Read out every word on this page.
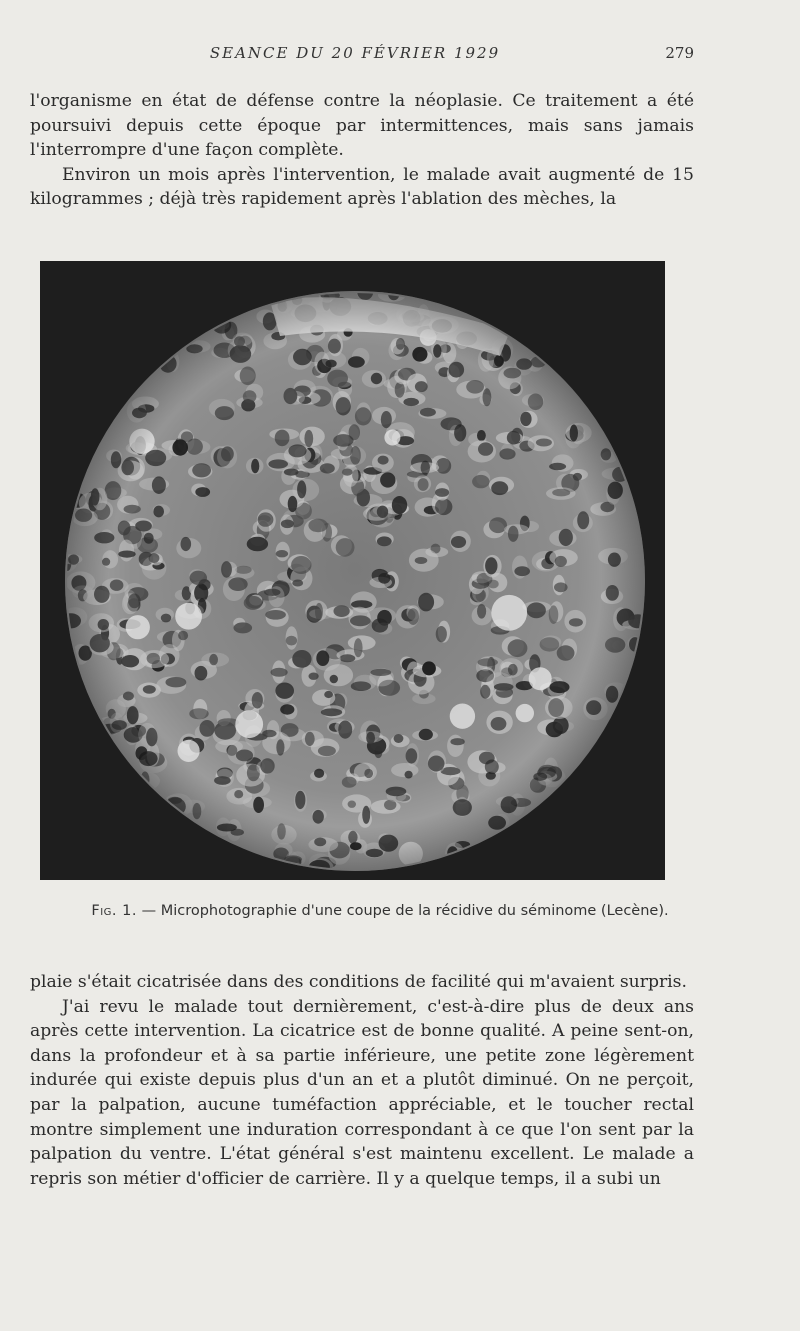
SEANCE DU 20 FÉVRIER 1929	279

l'organisme en état de défense contre la néoplasie. Ce traitement a été poursuivi depuis cette époque par intermittences, mais sans jamais l'interrompre d'une façon complète.

Environ un mois après l'intervention, le malade avait augmenté de 15 kilogrammes ; déjà très rapidement après l'ablation des mèches, la

Fig. 1. — Microphotographie d'une coupe de la récidive du séminome (Lecène).

plaie s'était cicatrisée dans des conditions de facilité qui m'avaient surpris.

J'ai revu le malade tout dernièrement, c'est-à-dire plus de deux ans après cette intervention. La cicatrice est de bonne qualité. A peine sent-on, dans la profondeur et à sa partie inférieure, une petite zone légèrement indurée qui existe depuis plus d'un an et a plutôt diminué. On ne perçoit, par la palpation, aucune tuméfaction appréciable, et le toucher rectal montre simplement une induration correspondant à ce que l'on sent par la palpation du ventre. L'état général s'est maintenu excellent. Le malade a repris son métier d'officier de carrière. Il y a quelque temps, il a subi un
